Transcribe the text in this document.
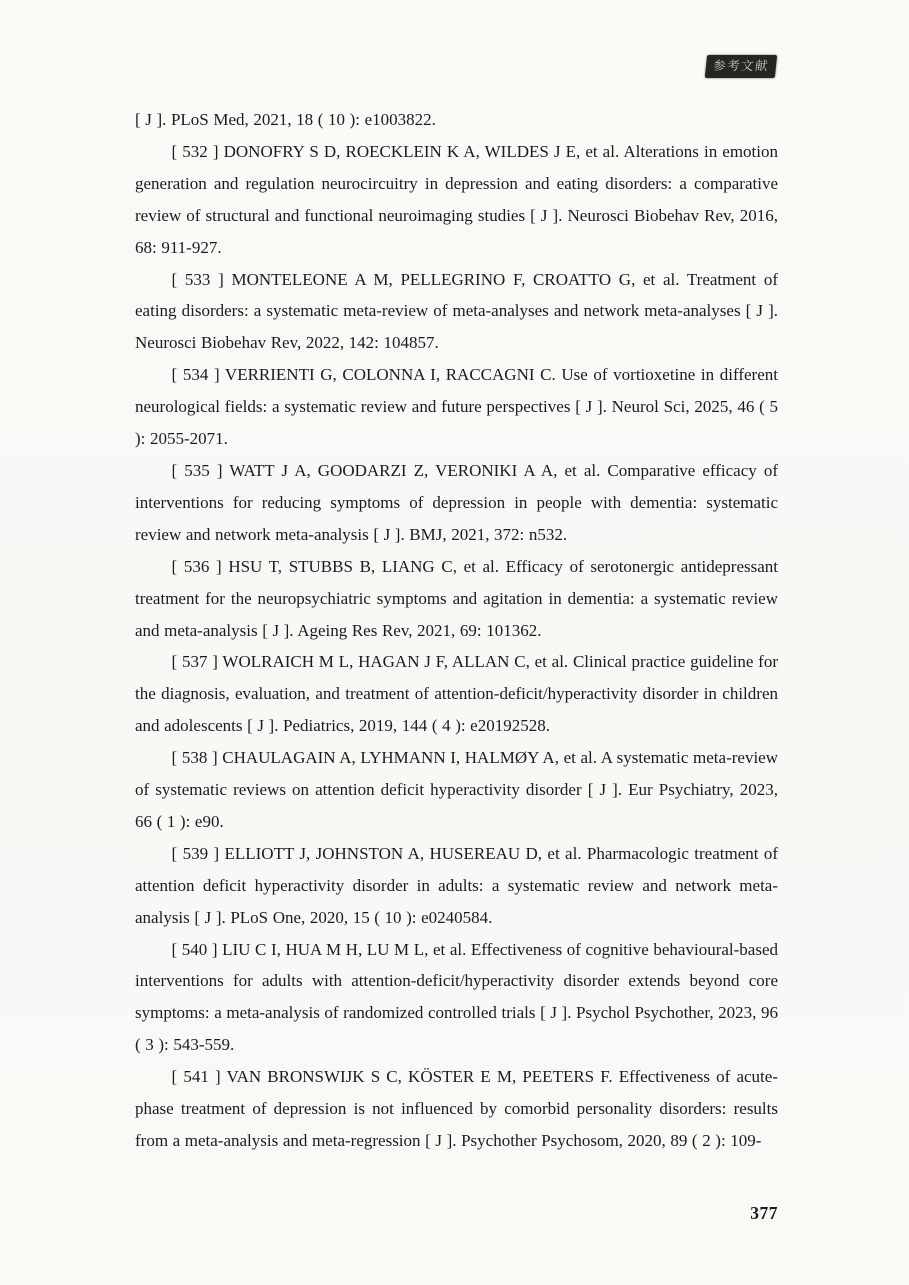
参考文献

[ J ]. PLoS Med, 2021, 18 ( 10 ): e1003822.

[ 532 ] DONOFRY S D, ROECKLEIN K A, WILDES J E, et al. Alterations in emotion generation and regulation neurocircuitry in depression and eating disorders: a comparative review of structural and functional neuroimaging studies [ J ]. Neurosci Biobehav Rev, 2016, 68: 911-927.

[ 533 ] MONTELEONE A M, PELLEGRINO F, CROATTO G, et al. Treatment of eating disorders: a systematic meta-review of meta-analyses and network meta-analyses [ J ]. Neurosci Biobehav Rev, 2022, 142: 104857.

[ 534 ] VERRIENTI G, COLONNA I, RACCAGNI C. Use of vortioxetine in different neurological fields: a systematic review and future perspectives [ J ]. Neurol Sci, 2025, 46 ( 5 ): 2055-2071.

[ 535 ] WATT J A, GOODARZI Z, VERONIKI A A, et al. Comparative efficacy of interventions for reducing symptoms of depression in people with dementia: systematic review and network meta-analysis [ J ]. BMJ, 2021, 372: n532.

[ 536 ] HSU T, STUBBS B, LIANG C, et al. Efficacy of serotonergic antidepressant treatment for the neuropsychiatric symptoms and agitation in dementia: a systematic review and meta-analysis [ J ]. Ageing Res Rev, 2021, 69: 101362.

[ 537 ] WOLRAICH M L, HAGAN J F, ALLAN C, et al. Clinical practice guideline for the diagnosis, evaluation, and treatment of attention-deficit/hyperactivity disorder in children and adolescents [ J ]. Pediatrics, 2019, 144 ( 4 ): e20192528.

[ 538 ] CHAULAGAIN A, LYHMANN I, HALMØY A, et al. A systematic meta-review of systematic reviews on attention deficit hyperactivity disorder [ J ]. Eur Psychiatry, 2023, 66 ( 1 ): e90.

[ 539 ] ELLIOTT J, JOHNSTON A, HUSEREAU D, et al. Pharmacologic treatment of attention deficit hyperactivity disorder in adults: a systematic review and network meta-analysis [ J ]. PLoS One, 2020, 15 ( 10 ): e0240584.

[ 540 ] LIU C I, HUA M H, LU M L, et al. Effectiveness of cognitive behavioural-based interventions for adults with attention-deficit/hyperactivity disorder extends beyond core symptoms: a meta-analysis of randomized controlled trials [ J ]. Psychol Psychother, 2023, 96 ( 3 ): 543-559.

[ 541 ] VAN BRONSWIJK S C, KÖSTER E M, PEETERS F. Effectiveness of acute-phase treatment of depression is not influenced by comorbid personality disorders: results from a meta-analysis and meta-regression [ J ]. Psychother Psychosom, 2020, 89 ( 2 ): 109-

377
